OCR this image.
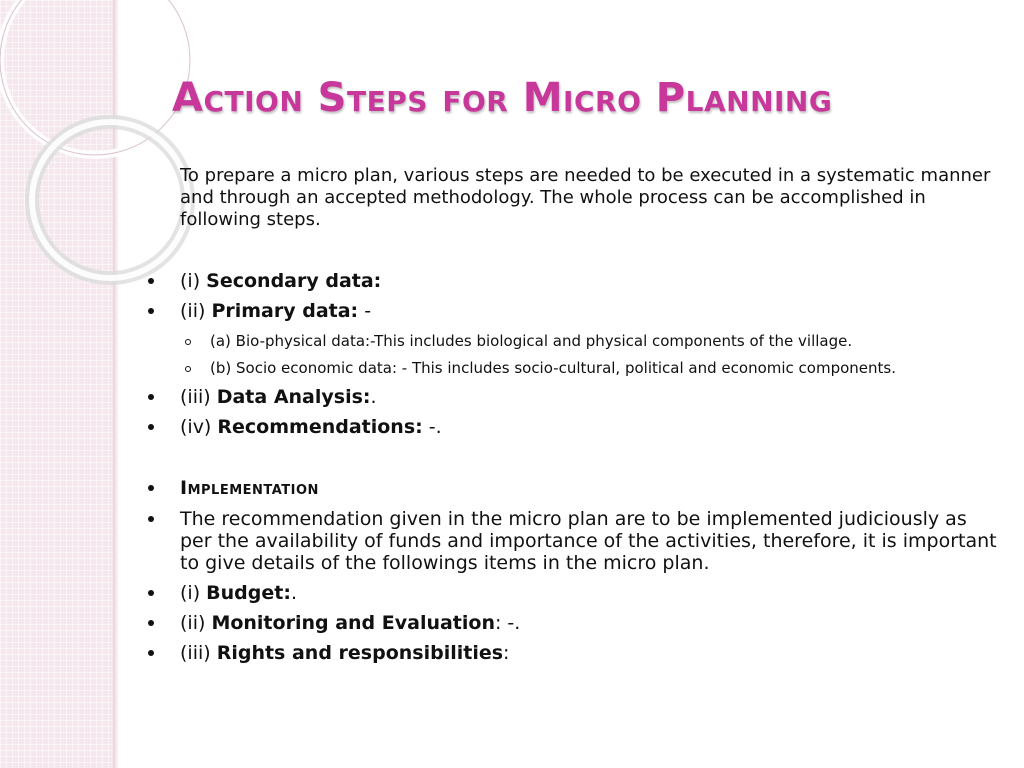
Action Steps for Micro Planning

To prepare a micro plan, various steps are needed to be executed in a systematic manner and through an accepted methodology. The whole process can be accomplished in following steps.

(i) Secondary data:
(ii) Primary data: -
(a) Bio-physical data:-This includes biological and physical components of the village.
(b) Socio economic data: - This includes socio-cultural, political and economic components.
(iii) Data Analysis:.
(iv) Recommendations: -.
Implementation
The recommendation given in the micro plan are to be implemented judiciously as per the availability of funds and importance of the activities, therefore, it is important to give details of the followings items in the micro plan.
(i) Budget:.
(ii) Monitoring and Evaluation: -.
(iii) Rights and responsibilities:
